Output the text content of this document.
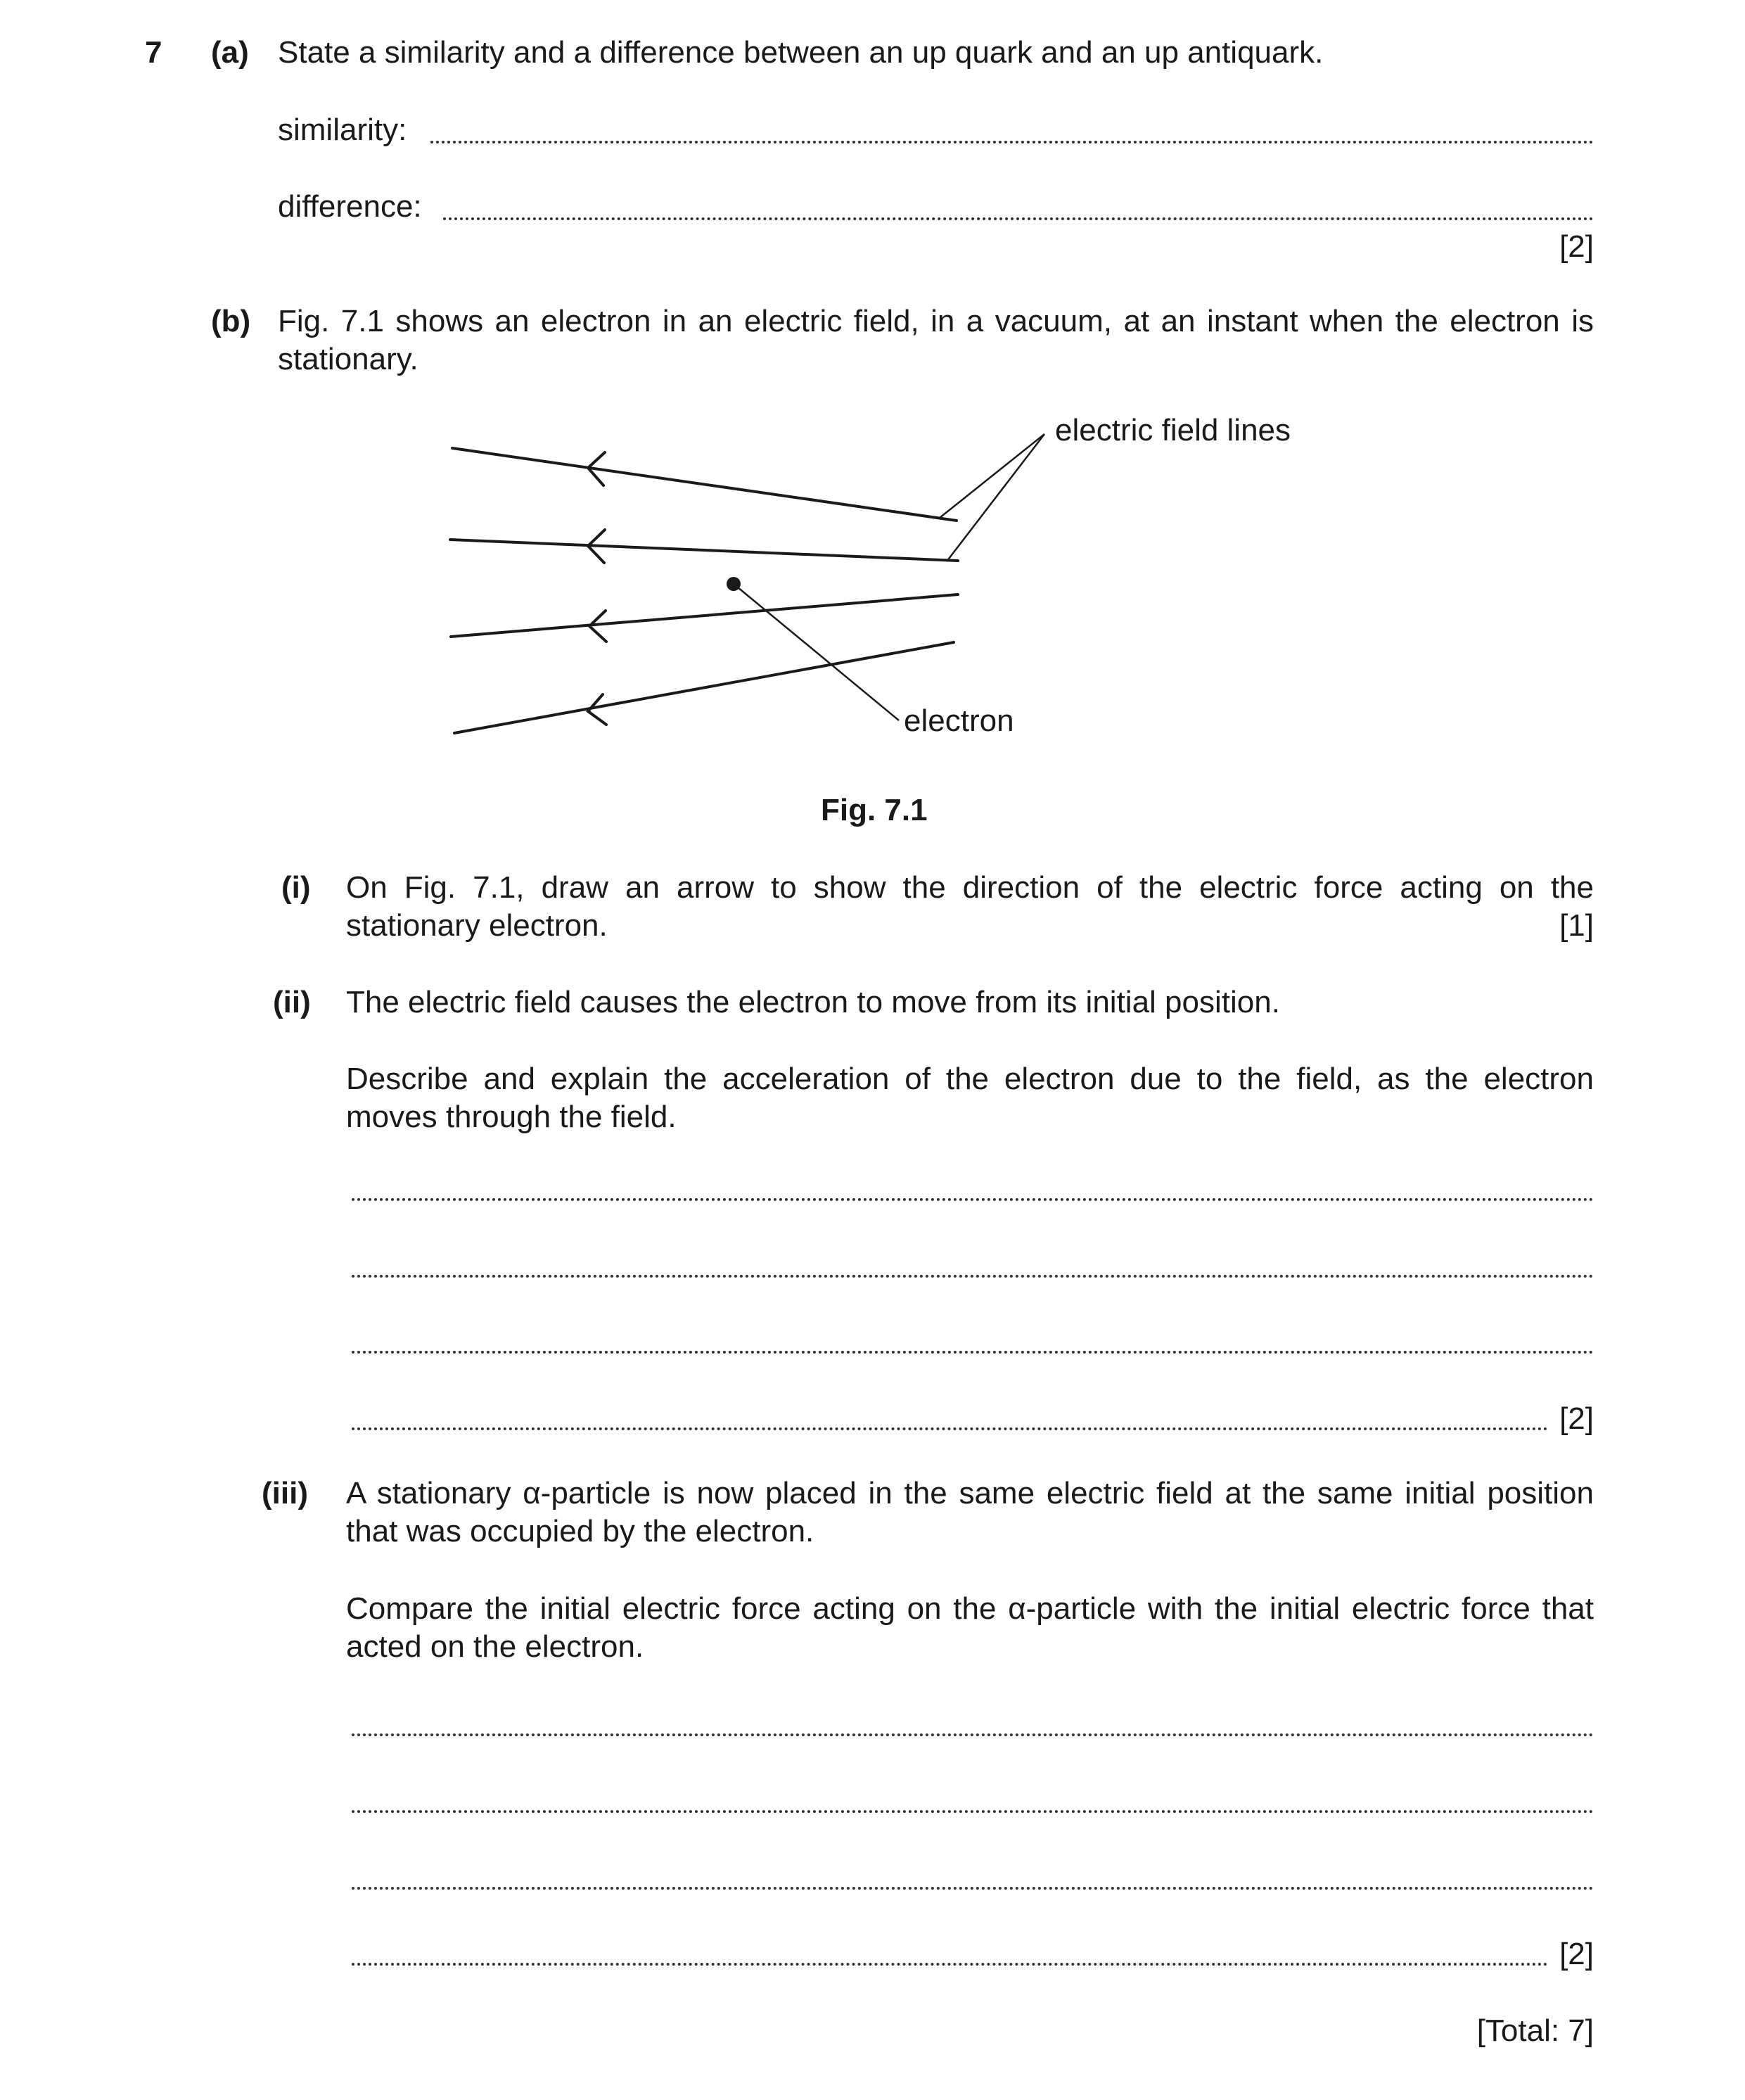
7 (a) State a similarity and a difference between an up quark and an up antiquark.
similarity:
difference:
[2]
(b) Fig. 7.1 shows an electron in an electric field, in a vacuum, at an instant when the electron is
stationary.
electric field lines
electron
Fig. 7.1
(i) On Fig. 7.1, draw an arrow to show the direction of the electric force acting on the
stationary electron.	[1]
(ii) The electric field causes the electron to move from its initial position.
Describe and explain the acceleration of the electron due to the field, as the electron
moves through the field.
[2]
(iii) A stationary α-particle is now placed in the same electric field at the same initial position
that was occupied by the electron.
Compare the initial electric force acting on the α-particle with the initial electric force that
acted on the electron.
[2]
[Total: 7]
